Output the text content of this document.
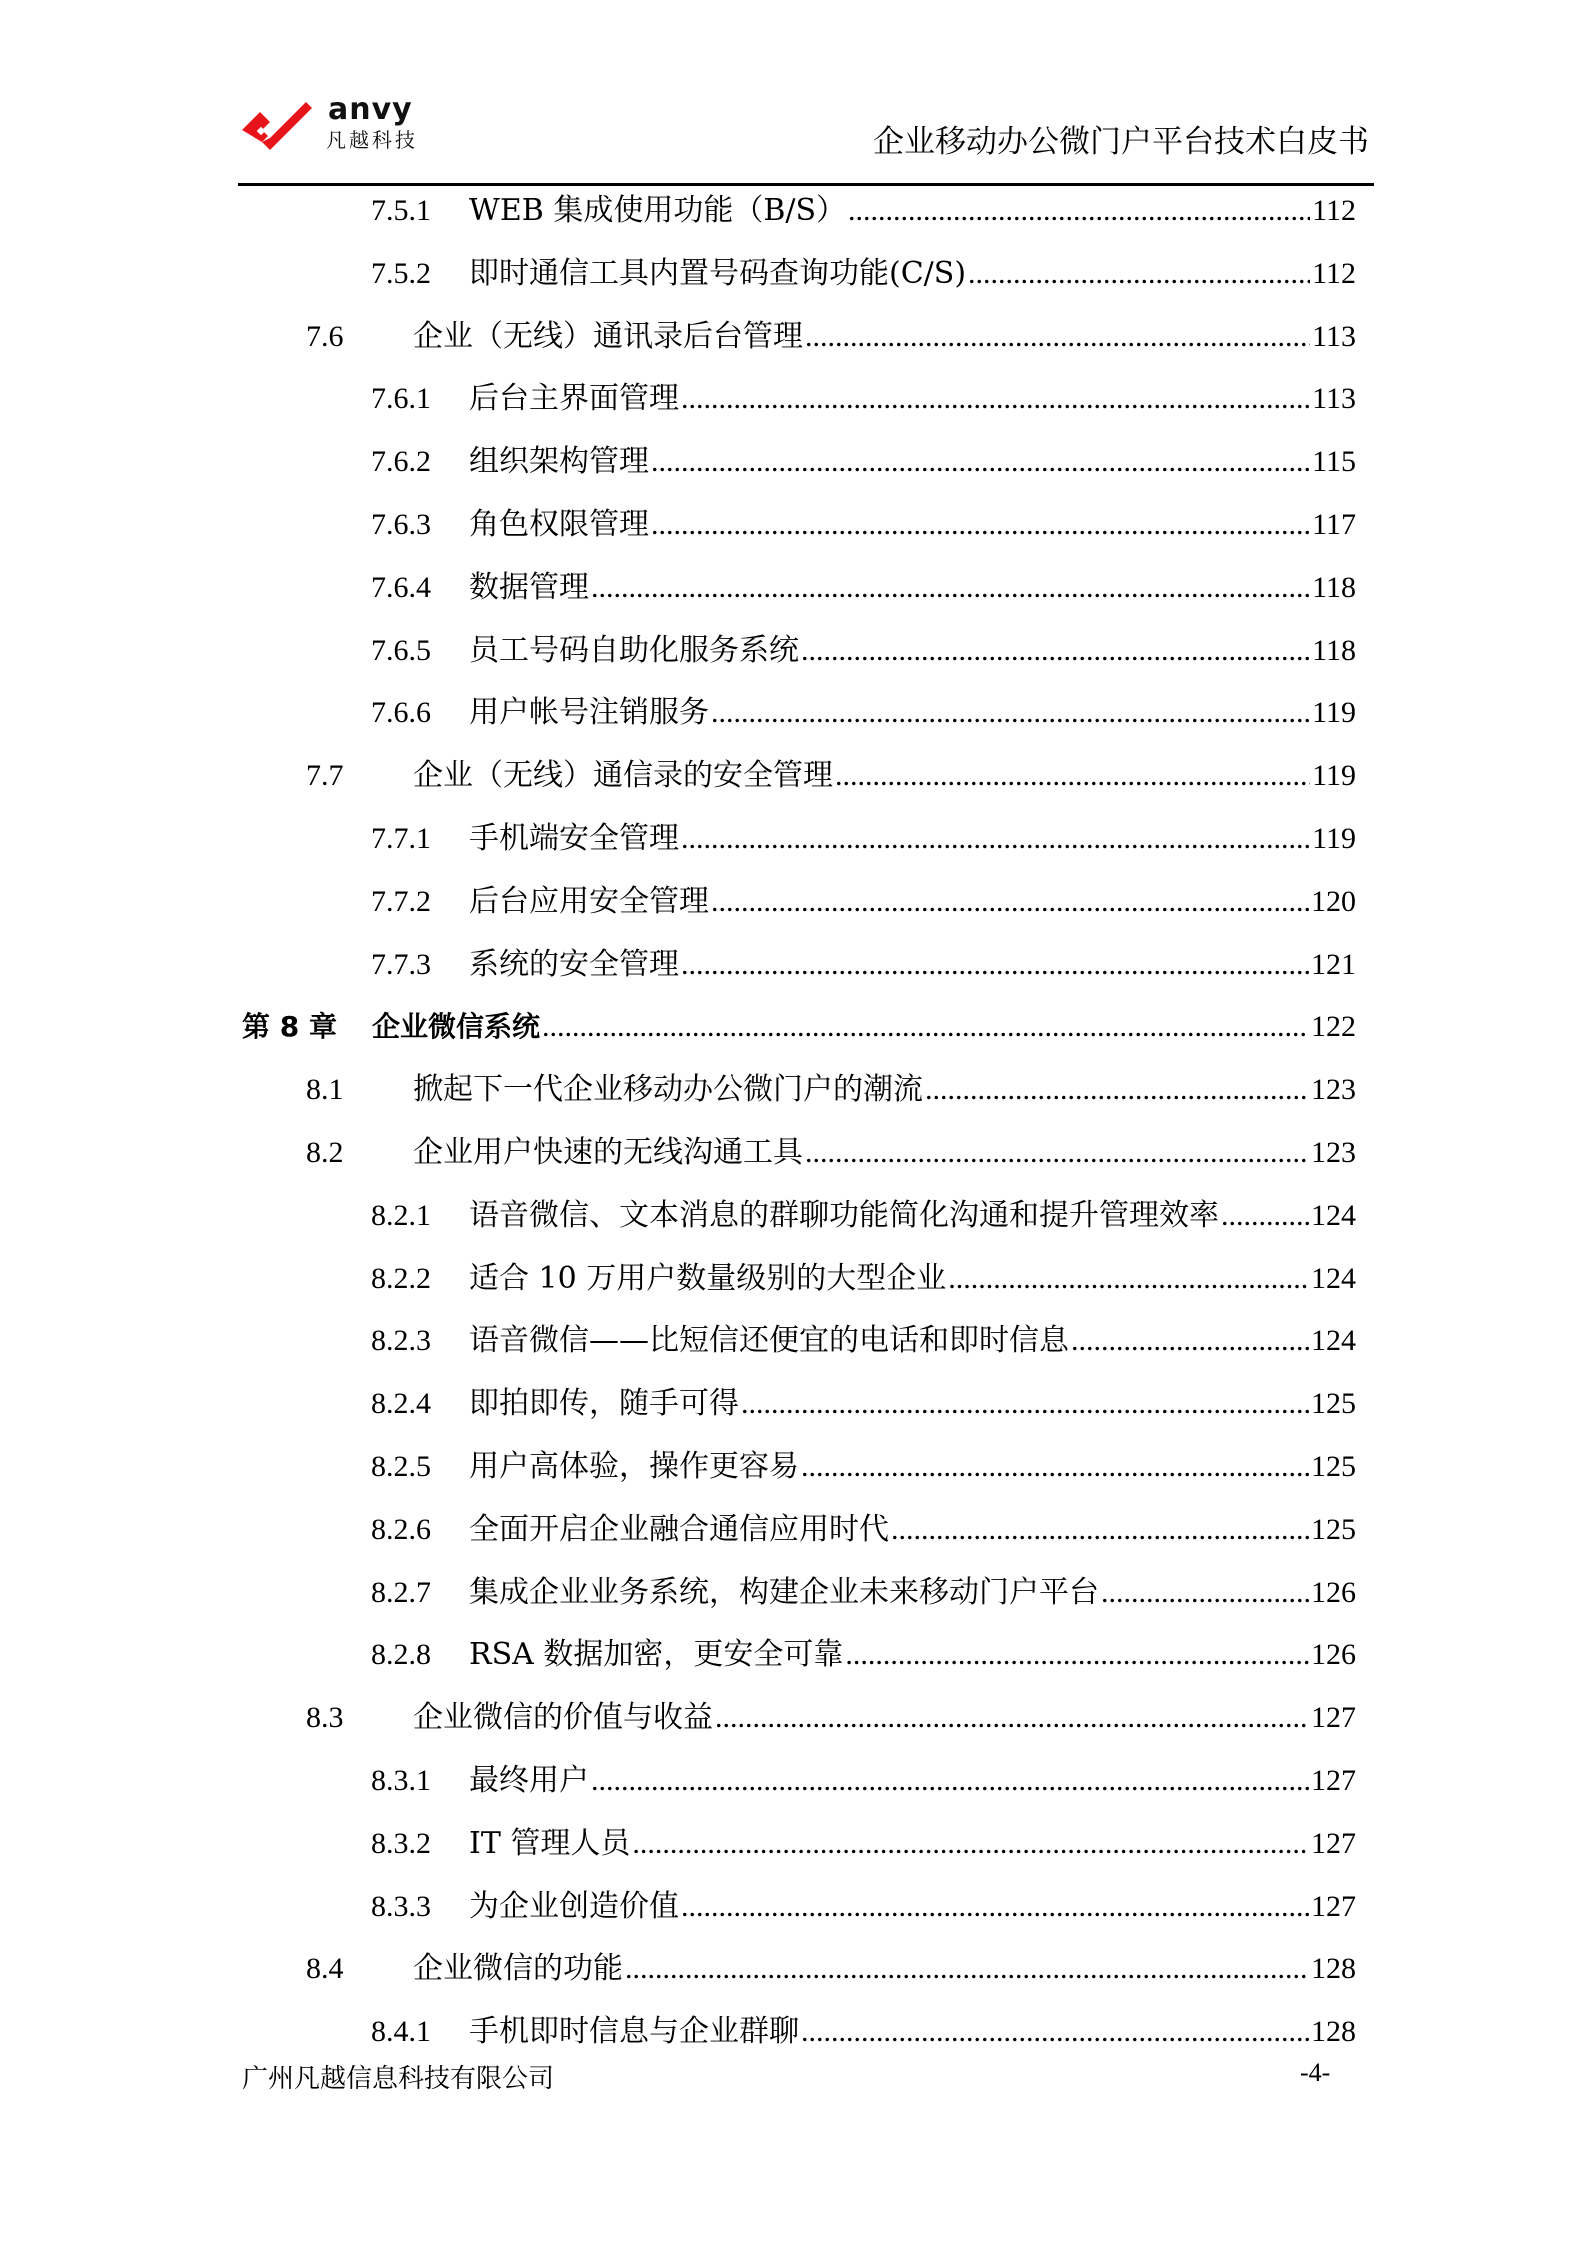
anvy
凡越科技	企业移动办公微门户平台技术白皮书
7.5.1	WEB 集成使用功能（B/S） .....	112
7.5.2	即时通信工具内置号码查询功能(C/S) .....	112
7.6	企业（无线）通讯录后台管理 .....	113
7.6.1	后台主界面管理 .....	113
7.6.2	组织架构管理 .....	115
7.6.3	角色权限管理 .....	117
7.6.4	数据管理 .....	118
7.6.5	员工号码自助化服务系统 .....	118
7.6.6	用户帐号注销服务 .....	119
7.7	企业（无线）通信录的安全管理 .....	119
7.7.1	手机端安全管理 .....	119
7.7.2	后台应用安全管理 .....	120
7.7.3	系统的安全管理 .....	121
第 8 章	企业微信系统 .....	122
8.1	掀起下一代企业移动办公微门户的潮流 .....	123
8.2	企业用户快速的无线沟通工具 .....	123
8.2.1	语音微信、文本消息的群聊功能简化沟通和提升管理效率 .....	124
8.2.2	适合 10 万用户数量级别的大型企业 .....	124
8.2.3	语音微信——比短信还便宜的电话和即时信息 .....	124
8.2.4	即拍即传，随手可得 .....	125
8.2.5	用户高体验，操作更容易 .....	125
8.2.6	全面开启企业融合通信应用时代 .....	125
8.2.7	集成企业业务系统，构建企业未来移动门户平台 .....	126
8.2.8	RSA 数据加密，更安全可靠 .....	126
8.3	企业微信的价值与收益 .....	127
8.3.1	最终用户 .....	127
8.3.2	IT 管理人员 .....	127
8.3.3	为企业创造价值 .....	127
8.4	企业微信的功能 .....	128
8.4.1	手机即时信息与企业群聊 .....	128
广州凡越信息科技有限公司	-4-
